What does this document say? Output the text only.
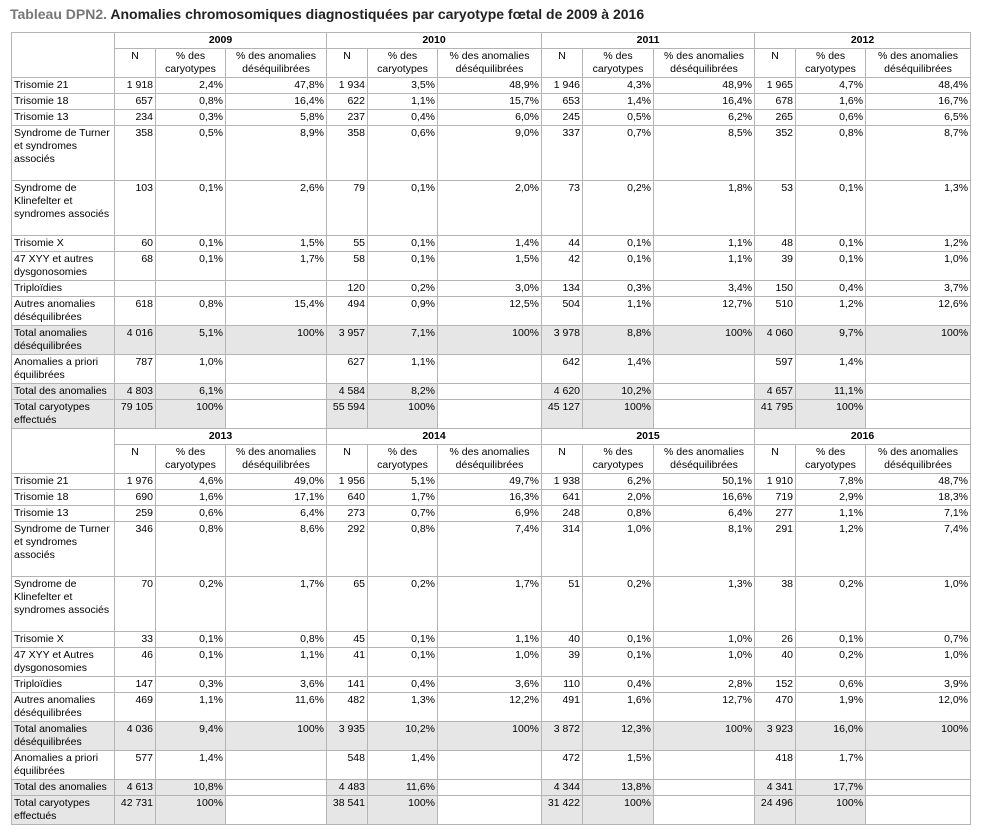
Tableau DPN2. Anomalies chromosomiques diagnostiquées par caryotype fœtal de 2009 à 2016
	2009			2010			2011			2012		
	N	% des caryotypes	% des anomalies déséquilibrées	N	% des caryotypes	% des anomalies déséquilibrées	N	% des caryotypes	% des anomalies déséquilibrées	N	% des caryotypes	% des anomalies déséquilibrées
Trisomie 21	1 918	2,4%	47,8%	1 934	3,5%	48,9%	1 946	4,3%	48,9%	1 965	4,7%	48,4%
Trisomie 18	657	0,8%	16,4%	622	1,1%	15,7%	653	1,4%	16,4%	678	1,6%	16,7%
Trisomie 13	234	0,3%	5,8%	237	0,4%	6,0%	245	0,5%	6,2%	265	0,6%	6,5%
Syndrome de Turner et syndromes associés	358	0,5%	8,9%	358	0,6%	9,0%	337	0,7%	8,5%	352	0,8%	8,7%
Syndrome de Klinefelter et syndromes associés	103	0,1%	2,6%	79	0,1%	2,0%	73	0,2%	1,8%	53	0,1%	1,3%
Trisomie X	60	0,1%	1,5%	55	0,1%	1,4%	44	0,1%	1,1%	48	0,1%	1,2%
47 XYY et autres dysgonosomies	68	0,1%	1,7%	58	0,1%	1,5%	42	0,1%	1,1%	39	0,1%	1,0%
Triploïdies				120	0,2%	3,0%	134	0,3%	3,4%	150	0,4%	3,7%
Autres anomalies déséquilibrées	618	0,8%	15,4%	494	0,9%	12,5%	504	1,1%	12,7%	510	1,2%	12,6%
Total anomalies déséquilibrées	4 016	5,1%	100%	3 957	7,1%	100%	3 978	8,8%	100%	4 060	9,7%	100%
Anomalies a priori équilibrées	787	1,0%		627	1,1%		642	1,4%		597	1,4%	
Total des anomalies	4 803	6,1%		4 584	8,2%		4 620	10,2%		4 657	11,1%	
Total caryotypes effectués	79 105	100%		55 594	100%		45 127	100%		41 795	100%	
	2013			2014			2015			2016		
	N	% des caryotypes	% des anomalies déséquilibrées	N	% des caryotypes	% des anomalies déséquilibrées	N	% des caryotypes	% des anomalies déséquilibrées	N	% des caryotypes	% des anomalies déséquilibrées
Trisomie 21	1 976	4,6%	49,0%	1 956	5,1%	49,7%	1 938	6,2%	50,1%	1 910	7,8%	48,7%
Trisomie 18	690	1,6%	17,1%	640	1,7%	16,3%	641	2,0%	16,6%	719	2,9%	18,3%
Trisomie 13	259	0,6%	6,4%	273	0,7%	6,9%	248	0,8%	6,4%	277	1,1%	7,1%
Syndrome de Turner et syndromes associés	346	0,8%	8,6%	292	0,8%	7,4%	314	1,0%	8,1%	291	1,2%	7,4%
Syndrome de Klinefelter et syndromes associés	70	0,2%	1,7%	65	0,2%	1,7%	51	0,2%	1,3%	38	0,2%	1,0%
Trisomie X	33	0,1%	0,8%	45	0,1%	1,1%	40	0,1%	1,0%	26	0,1%	0,7%
47 XYY et Autres dysgonosomies	46	0,1%	1,1%	41	0,1%	1,0%	39	0,1%	1,0%	40	0,2%	1,0%
Triploïdies	147	0,3%	3,6%	141	0,4%	3,6%	110	0,4%	2,8%	152	0,6%	3,9%
Autres anomalies déséquilibrées	469	1,1%	11,6%	482	1,3%	12,2%	491	1,6%	12,7%	470	1,9%	12,0%
Total anomalies déséquilibrées	4 036	9,4%	100%	3 935	10,2%	100%	3 872	12,3%	100%	3 923	16,0%	100%
Anomalies a priori équilibrées	577	1,4%		548	1,4%		472	1,5%		418	1,7%	
Total des anomalies	4 613	10,8%		4 483	11,6%		4 344	13,8%		4 341	17,7%	
Total caryotypes effectués	42 731	100%		38 541	100%		31 422	100%		24 496	100%	
